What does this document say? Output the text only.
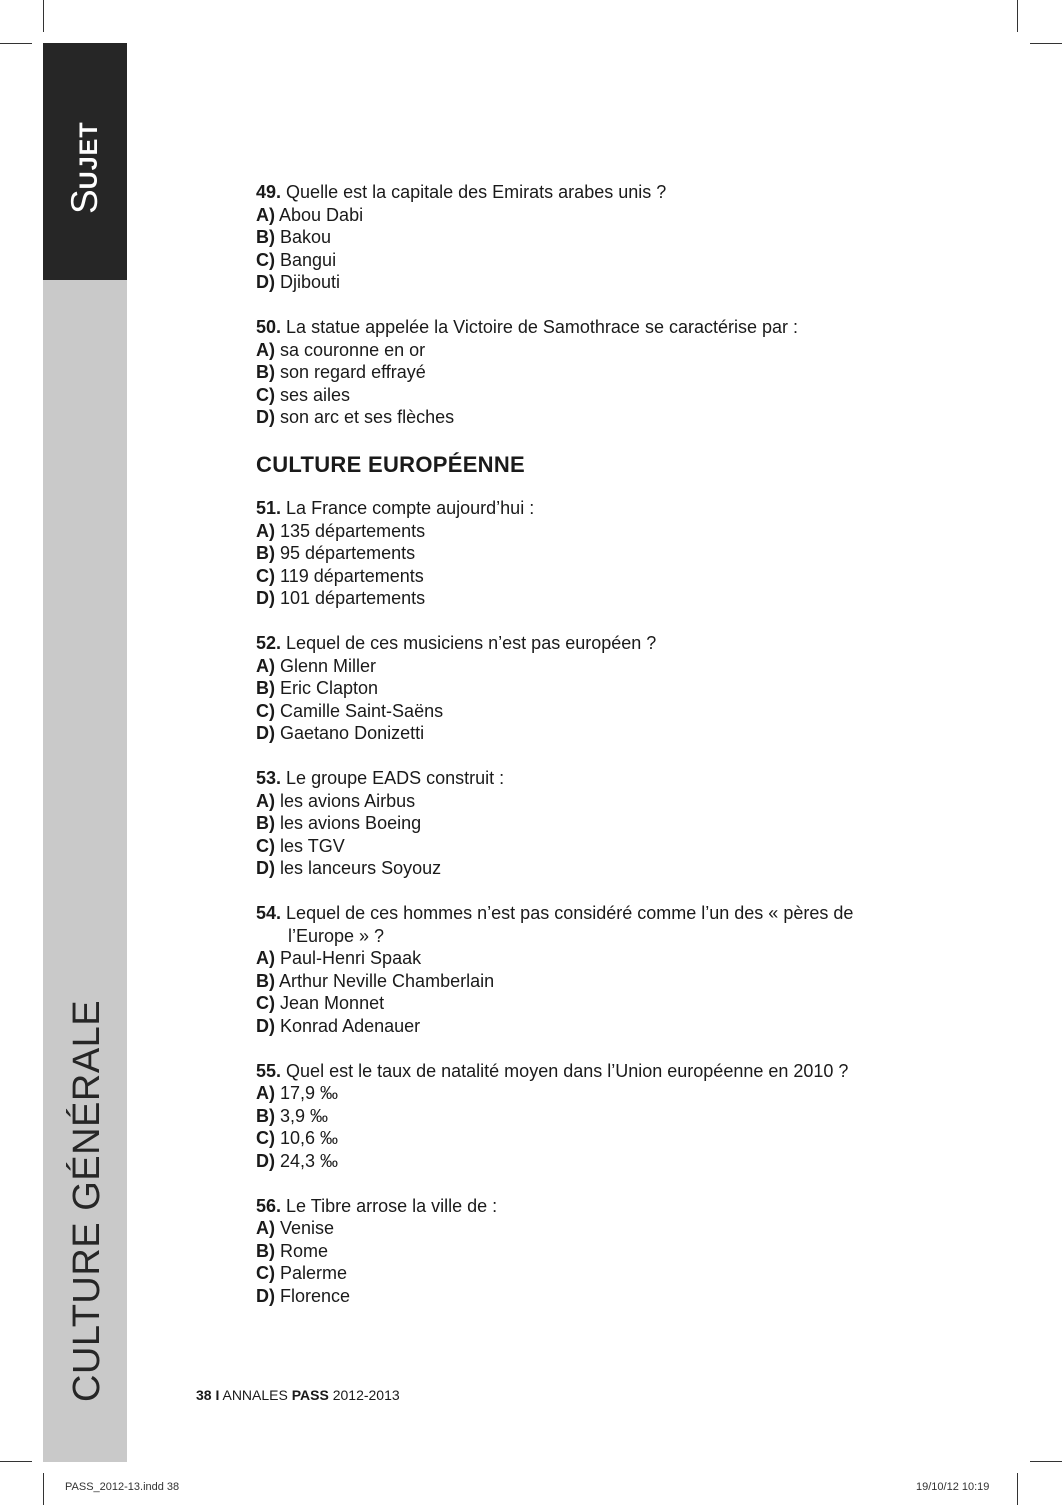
SUJET
CULTURE GÉNÉRALE

49. Quelle est la capitale des Emirats arabes unis ?

A) Abou Dabi

B) Bakou

C) Bangui

D) Djibouti

50. La statue appelée la Victoire de Samothrace se caractérise par :

A) sa couronne en or

B) son regard effrayé

C) ses ailes

D) son arc et ses flèches

CULTURE EUROPÉENNE

51. La France compte aujourd’hui :

A) 135 départements

B) 95 départements

C) 119 départements

D) 101 départements

52. Lequel de ces musiciens n’est pas européen ?

A) Glenn Miller

B) Eric Clapton

C) Camille Saint-Saëns

D) Gaetano Donizetti

53. Le groupe EADS construit :

A) les avions Airbus

B) les avions Boeing

C) les TGV

D) les lanceurs Soyouz

54. Lequel de ces hommes n’est pas considéré comme l’un des « pères de l’Europe » ?

A) Paul-Henri Spaak

B) Arthur Neville Chamberlain

C) Jean Monnet

D) Konrad Adenauer

55. Quel est le taux de natalité moyen dans l’Union européenne en 2010 ?

A) 17,9 ‰

B) 3,9 ‰

C) 10,6 ‰

D) 24,3 ‰

56. Le Tibre arrose la ville de :

A) Venise

B) Rome

C) Palerme

D) Florence

38 I ANNALES PASS 2012-2013
PASS_2012-13.indd 38	19/10/12 10:19
